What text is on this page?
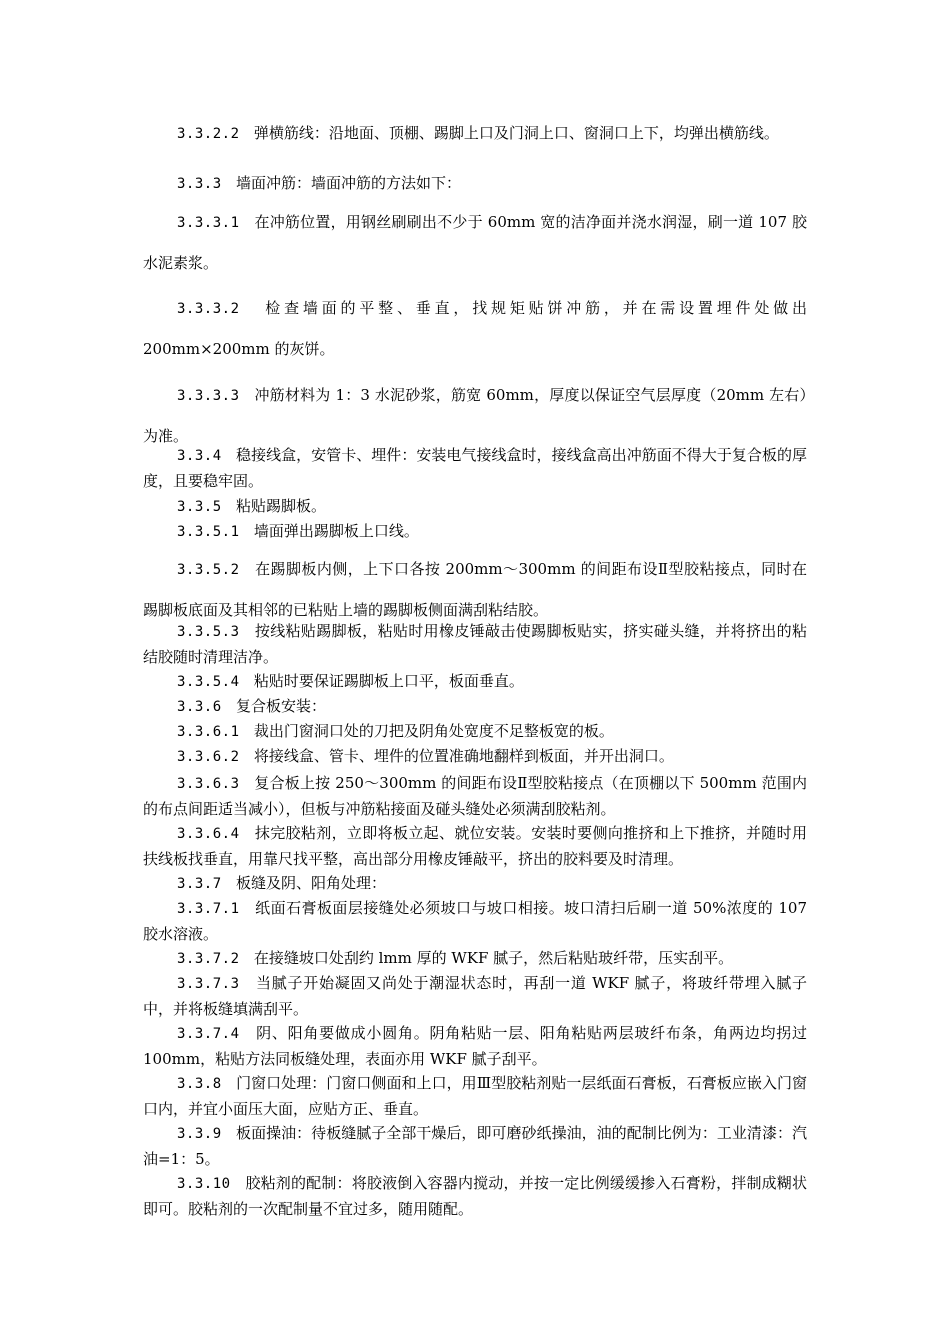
3.3.2.2 弹横筋线：沿地面、顶棚、踢脚上口及门洞上口、窗洞口上下，均弹出横筋线。

3.3.3 墙面冲筋：墙面冲筋的方法如下：

3.3.3.1 在冲筋位置，用钢丝刷刷出不少于 60mm 宽的洁净面并浇水润湿，刷一道 107 胶水泥素浆。

3.3.3.2 检查墙面的平整、垂直，找规矩贴饼冲筋，并在需设置埋件处做出 200mm×200mm 的灰饼。

3.3.3.3 冲筋材料为 1：3 水泥砂浆，筋宽 60mm，厚度以保证空气层厚度（20mm 左右）为准。

3.3.4 稳接线盒，安管卡、埋件：安装电气接线盒时，接线盒高出冲筋面不得大于复合板的厚度，且要稳牢固。

3.3.5 粘贴踢脚板。

3.3.5.1 墙面弹出踢脚板上口线。

3.3.5.2 在踢脚板内侧，上下口各按 200mm～300mm 的间距布设Ⅱ型胶粘接点，同时在踢脚板底面及其相邻的已粘贴上墙的踢脚板侧面满刮粘结胶。

3.3.5.3 按线粘贴踢脚板，粘贴时用橡皮锤敲击使踢脚板贴实，挤实碰头缝，并将挤出的粘结胶随时清理洁净。

3.3.5.4 粘贴时要保证踢脚板上口平，板面垂直。

3.3.6 复合板安装：

3.3.6.1 裁出门窗洞口处的刀把及阴角处宽度不足整板宽的板。

3.3.6.2 将接线盒、管卡、埋件的位置准确地翻样到板面，并开出洞口。

3.3.6.3 复合板上按 250～300mm 的间距布设Ⅱ型胶粘接点（在顶棚以下 500mm 范围内的布点间距适当减小），但板与冲筋粘接面及碰头缝处必须满刮胶粘剂。

3.3.6.4 抹完胶粘剂，立即将板立起、就位安装。安装时要侧向推挤和上下推挤，并随时用扶线板找垂直，用靠尺找平整，高出部分用橡皮锤敲平，挤出的胶料要及时清理。

3.3.7 板缝及阴、阳角处理：

3.3.7.1 纸面石膏板面层接缝处必须坡口与坡口相接。坡口清扫后刷一道 50%浓度的 107 胶水溶液。

3.3.7.2 在接缝坡口处刮约 lmm 厚的 WKF 腻子，然后粘贴玻纤带，压实刮平。

3.3.7.3 当腻子开始凝固又尚处于潮湿状态时，再刮一道 WKF 腻子，将玻纤带埋入腻子中，并将板缝填满刮平。

3.3.7.4 阴、阳角要做成小圆角。阴角粘贴一层、阳角粘贴两层玻纤布条，角两边均拐过 100mm，粘贴方法同板缝处理，表面亦用 WKF 腻子刮平。

3.3.8 门窗口处理：门窗口侧面和上口，用Ⅲ型胶粘剂贴一层纸面石膏板，石膏板应嵌入门窗口内，并宜小面压大面，应贴方正、垂直。

3.3.9 板面操油：待板缝腻子全部干燥后，即可磨砂纸操油，油的配制比例为：工业清漆：汽油=1：5。

3.3.10 胶粘剂的配制：将胶液倒入容器内搅动，并按一定比例缓缓掺入石膏粉，拌制成糊状即可。胶粘剂的一次配制量不宜过多，随用随配。
